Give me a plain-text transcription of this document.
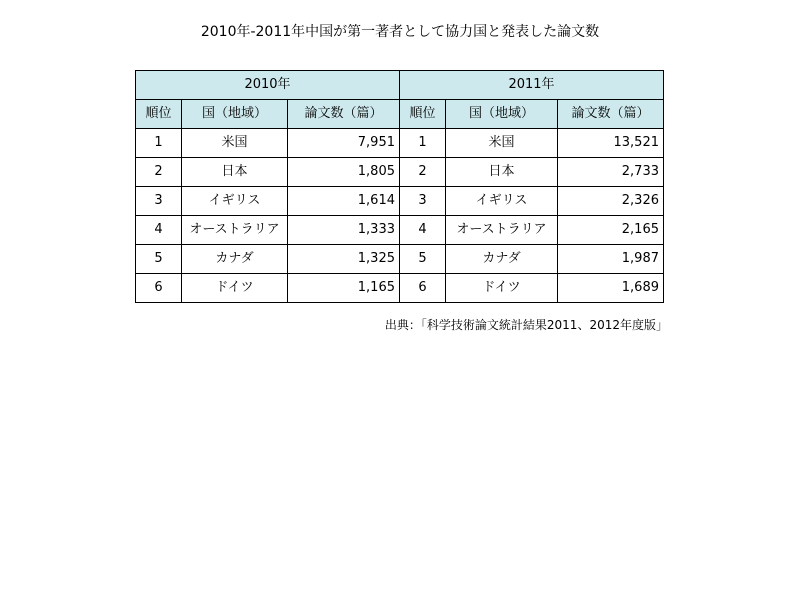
2010年-2011年中国が第一著者として協力国と発表した論文数
2010年			2011年		
順位	国（地域）	論文数（篇）	順位	国（地域）	論文数（篇）
1	米国	7,951	1	米国	13,521
2	日本	1,805	2	日本	2,733
3	イギリス	1,614	3	イギリス	2,326
4	オーストラリア	1,333	4	オーストラリア	2,165
5	カナダ	1,325	5	カナダ	1,987
6	ドイツ	1,165	6	ドイツ	1,689
出典：「科学技術論文統計結果2011、2012年度版」
